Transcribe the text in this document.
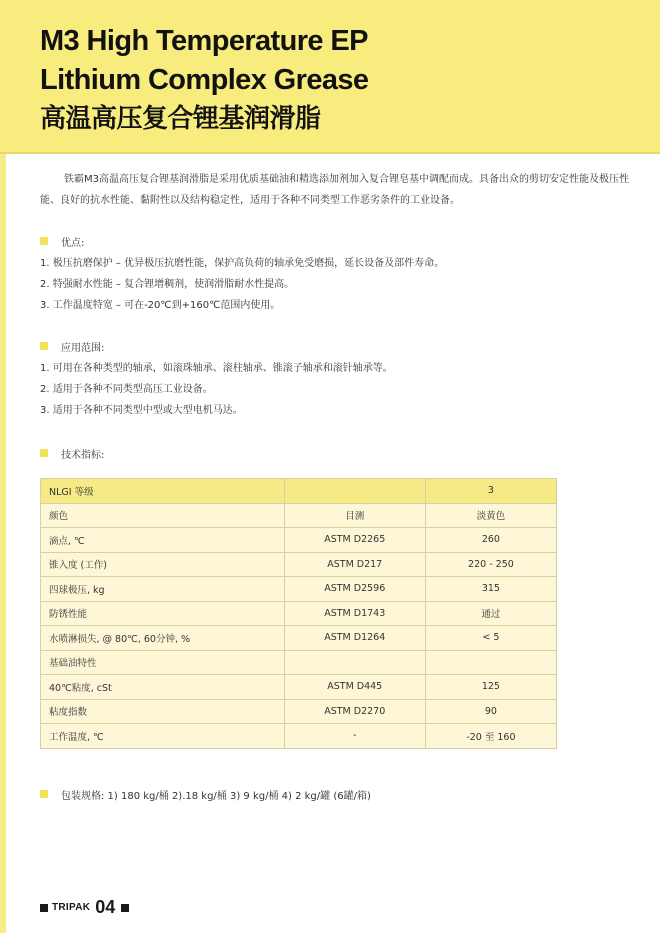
M3 High Temperature EP
Lithium Complex Grease
高温高压复合锂基润滑脂

铁霸M3高温高压复合锂基润滑脂是采用优质基础油和精选添加剂加入复合锂皂基中调配而成。具备出众的剪切安定性能及极压性能、良好的抗水性能、黏附性以及结构稳定性，适用于各种不同类型工作恶劣条件的工业设备。

优点:
1. 极压抗磨保护 – 优异极压抗磨性能，保护高负荷的轴承免受磨损，延长设备及部件寿命。
2. 特强耐水性能 – 复合锂增稠剂，使润滑脂耐水性提高。
3. 工作温度特宽 – 可在-20℃到+160℃范围内使用。
应用范围:
1. 可用在各种类型的轴承，如滚珠轴承、滚柱轴承、锥滚子轴承和滚针轴承等。
2. 适用于各种不同类型高压工业设备。
3. 适用于各种不同类型中型或大型电机马达。
技术指标:
NLGI 等级		3
颜色	目测	淡黄色
滴点, ℃	ASTM D2265	260
锥入度 (工作)	ASTM D217	220 - 250
四球极压, kg	ASTM D2596	315
防锈性能	ASTM D1743	通过
水喷淋损失, @ 80℃, 60分钟, %	ASTM D1264	< 5
基础油特性		
40℃粘度, cSt	ASTM D445	125
粘度指数	ASTM D2270	90
工作温度, ℃	-	-20 至 160
包装规格: 1) 180 kg/桶 2).18 kg/桶 3) 9 kg/桶 4) 2 kg/罐 (6罐/箱)
TRIPAK 04
